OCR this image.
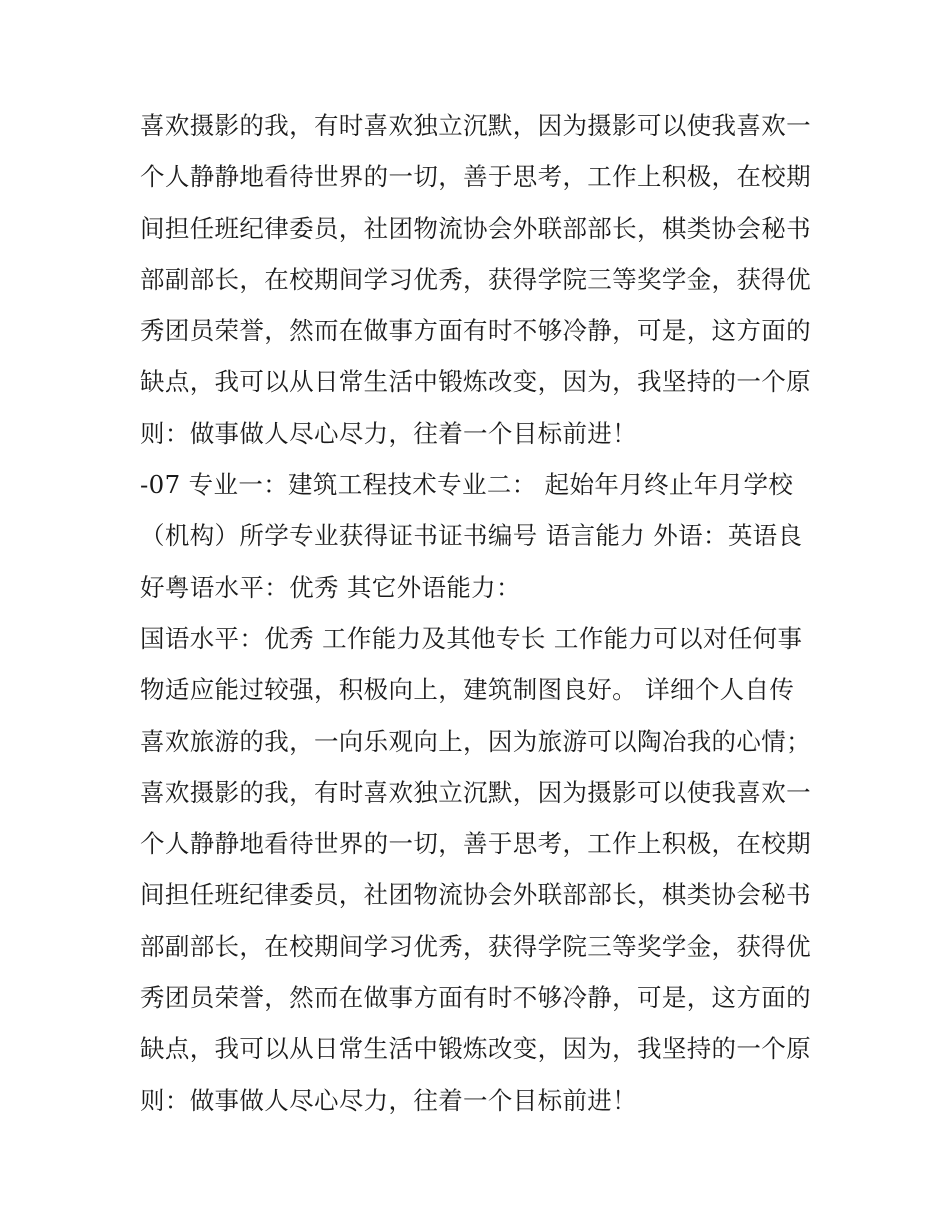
喜欢摄影的我，有时喜欢独立沉默，因为摄影可以使我喜欢一
个人静静地看待世界的一切，善于思考，工作上积极，在校期
间担任班纪律委员，社团物流协会外联部部长，棋类协会秘书
部副部长，在校期间学习优秀，获得学院三等奖学金，获得优
秀团员荣誉，然而在做事方面有时不够冷静，可是，这方面的
缺点，我可以从日常生活中锻炼改变，因为，我坚持的一个原
则：做事做人尽心尽力，往着一个目标前进！
-07 专业一：建筑工程技术专业二： 起始年月终止年月学校
（机构）所学专业获得证书证书编号 语言能力 外语：英语良
好粤语水平：优秀 其它外语能力：
国语水平：优秀 工作能力及其他专长 工作能力可以对任何事
物适应能过较强，积极向上，建筑制图良好。 详细个人自传
喜欢旅游的我，一向乐观向上，因为旅游可以陶冶我的心情；
喜欢摄影的我，有时喜欢独立沉默，因为摄影可以使我喜欢一
个人静静地看待世界的一切，善于思考，工作上积极，在校期
间担任班纪律委员，社团物流协会外联部部长，棋类协会秘书
部副部长，在校期间学习优秀，获得学院三等奖学金，获得优
秀团员荣誉，然而在做事方面有时不够冷静，可是，这方面的
缺点，我可以从日常生活中锻炼改变，因为，我坚持的一个原
则：做事做人尽心尽力，往着一个目标前进！
